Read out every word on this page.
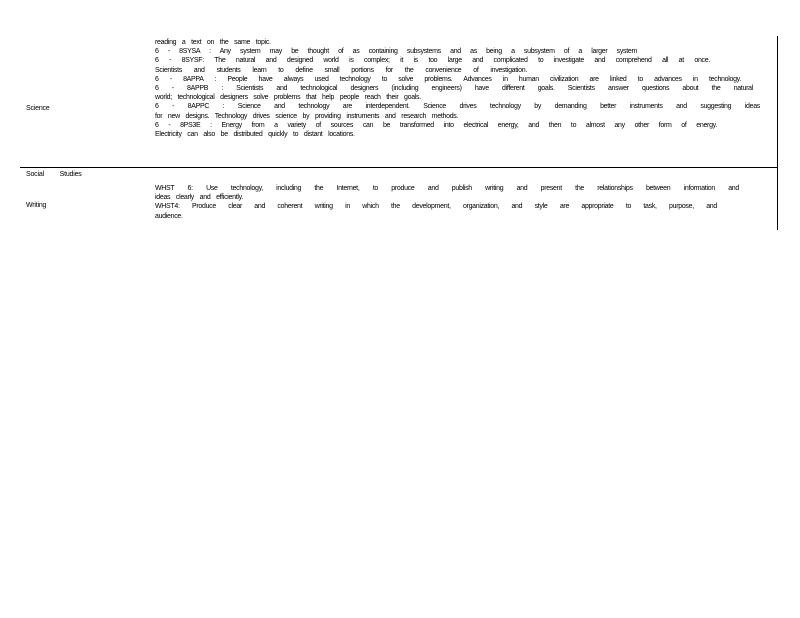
Science
Social Studies
Writing
reading a text on the same topic.
6 - 8SYSA : Any system may be thought of as containing subsystems and as being a subsystem of a larger system
6 - 8SYSF: The natural and designed world is complex; it is too large and complicated to investigate and comprehend all at once.
Scientists and students learn to define small portions for the convenience of investigation.
6 - 8APPA : People have always used technology to solve problems. Advances in human civilization are linked to advances in technology.
6 - 8APPB : Scientists and technological designers (including engineers) have different goals. Scientists answer questions about the natural
world; technological designers solve problems that help people reach their goals.
6 - 8APPC : Science and technology are interdependent. Science drives technology by demanding better instruments and suggesting ideas
for new designs. Technology drives science by providing instruments and research methods.
6 - 8PS3E : Energy from a variety of sources can be transformed into electrical energy, and then to almost any other form of energy.
Electricity can also be distributed quickly to distant locations.
WHST 6: Use technology, including the Internet, to produce and publish writing and present the relationships between information and
ideas clearly and efficiently.
WHST4: Produce clear and coherent writing in which the development, organization, and style are appropriate to task, purpose, and
audience.
